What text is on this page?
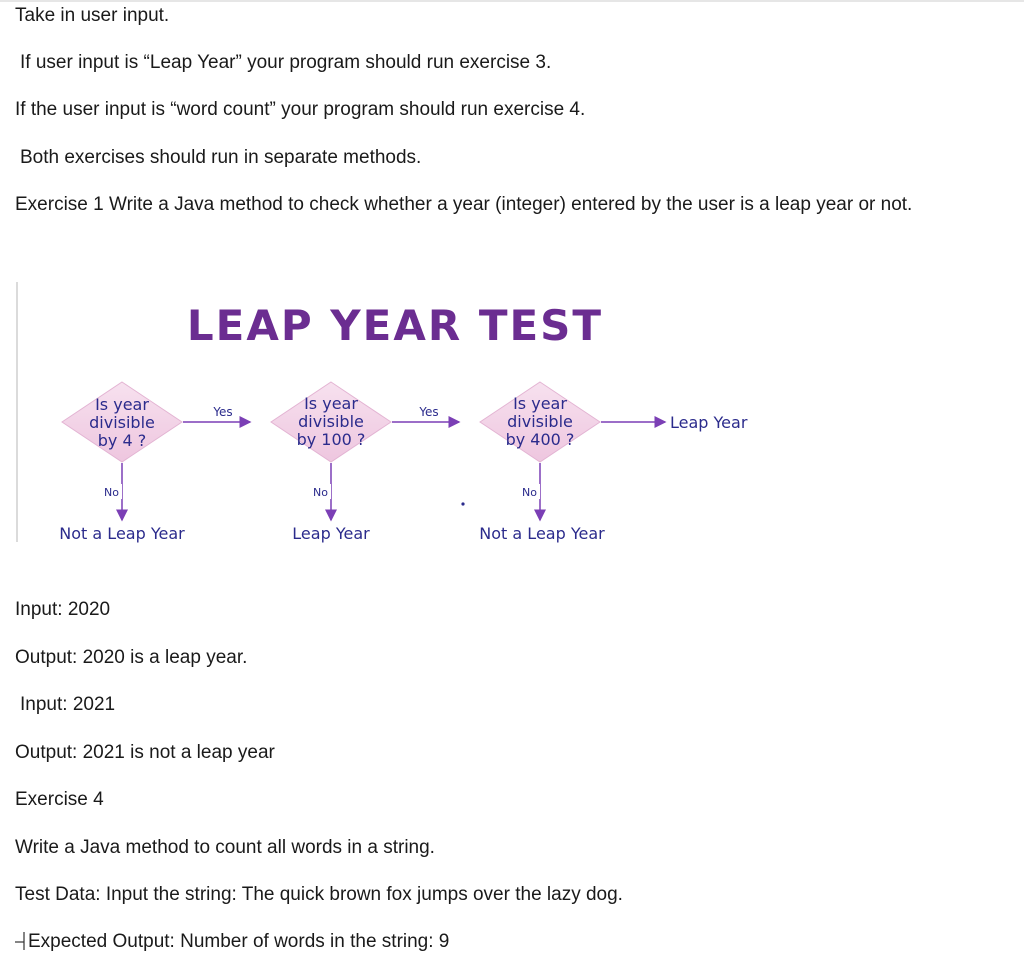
Take in user input.
If user input is “Leap Year” your program should run exercise 3.
If the user input is “word count” your program should run exercise 4.
Both exercises should run in separate methods.
Exercise 1 Write a Java method to check whether a year (integer) entered by the user is a leap year or not.
LEAP YEAR TEST
Is year
divisible
by 4 ?
Is year
divisible
by 100 ?
Is year
divisible
by 400 ?
Yes	Yes
Leap Year
No	No	No
Not a Leap Year	Leap Year	Not a Leap Year
Input: 2020
Output: 2020 is a leap year.
Input: 2021
Output: 2021 is not a leap year
Exercise 4
Write a Java method to count all words in a string.
Test Data: Input the string: The quick brown fox jumps over the lazy dog.
Expected Output: Number of words in the string: 9
